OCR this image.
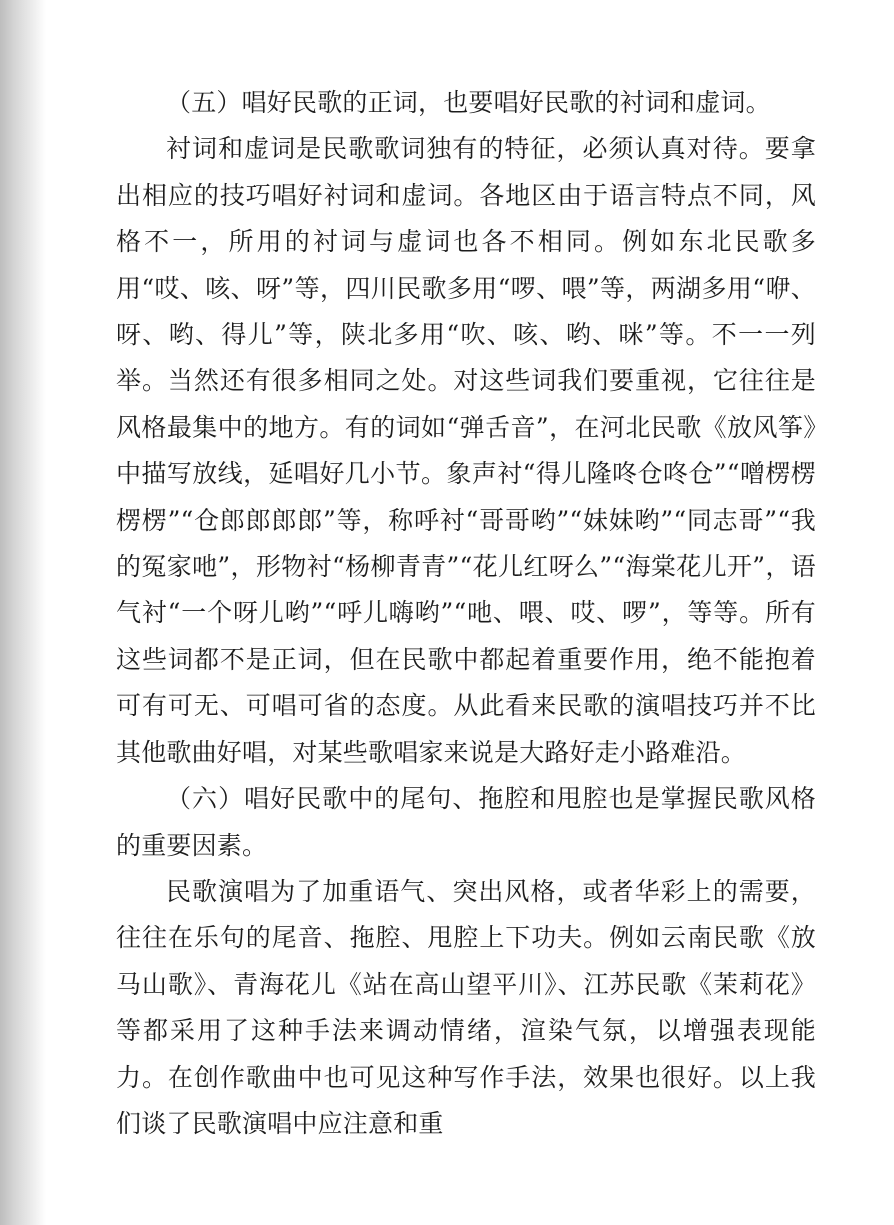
（五）唱好民歌的正词，也要唱好民歌的衬词和虚词。

衬词和虚词是民歌歌词独有的特征，必须认真对待。要拿出相应的技巧唱好衬词和虚词。各地区由于语言特点不同，风格不一，所用的衬词与虚词也各不相同。例如东北民歌多用“哎、咳、呀”等，四川民歌多用“啰、喂”等，两湖多用“咿、呀、哟、得儿”等，陕北多用“吹、咳、哟、咪”等。不一一列举。当然还有很多相同之处。对这些词我们要重视，它往往是风格最集中的地方。有的词如“弹舌音”，在河北民歌《放风筝》中描写放线，延唱好几小节。象声衬“得儿隆咚仓咚仓”“噌楞楞楞楞”“仓郎郎郎郎”等，称呼衬“哥哥哟”“妹妹哟”“同志哥”“我的冤家吔”，形物衬“杨柳青青”“花儿红呀么”“海棠花儿开”，语气衬“一个呀儿哟”“呼儿嗨哟”“吔、喂、哎、啰”，等等。所有这些词都不是正词，但在民歌中都起着重要作用，绝不能抱着可有可无、可唱可省的态度。从此看来民歌的演唱技巧并不比其他歌曲好唱，对某些歌唱家来说是大路好走小路难沿。

（六）唱好民歌中的尾句、拖腔和甩腔也是掌握民歌风格的重要因素。

民歌演唱为了加重语气、突出风格，或者华彩上的需要，往往在乐句的尾音、拖腔、甩腔上下功夫。例如云南民歌《放马山歌》、青海花儿《站在高山望平川》、江苏民歌《茉莉花》等都采用了这种手法来调动情绪，渲染气氛，以增强表现能力。在创作歌曲中也可见这种写作手法，效果也很好。以上我们谈了民歌演唱中应注意和重
